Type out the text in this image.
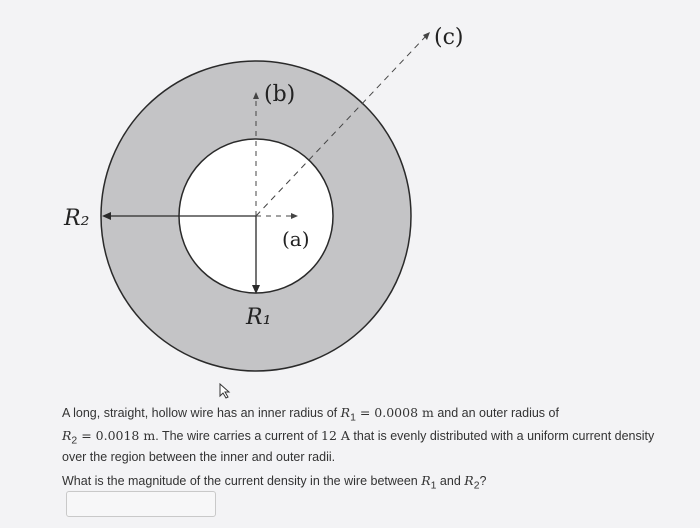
(b)
(a)
(c)
R₂
R₁
A long, straight, hollow wire has an inner radius of $R_1 = 0.0008$ m and an outer radius of
$R_2 = 0.0018$ m. The wire carries a current of 12 A that is evenly distributed with a uniform current density over the region between the inner and outer radii.
What is the magnitude of the current density in the wire between $R_1$ and $R_2$?
